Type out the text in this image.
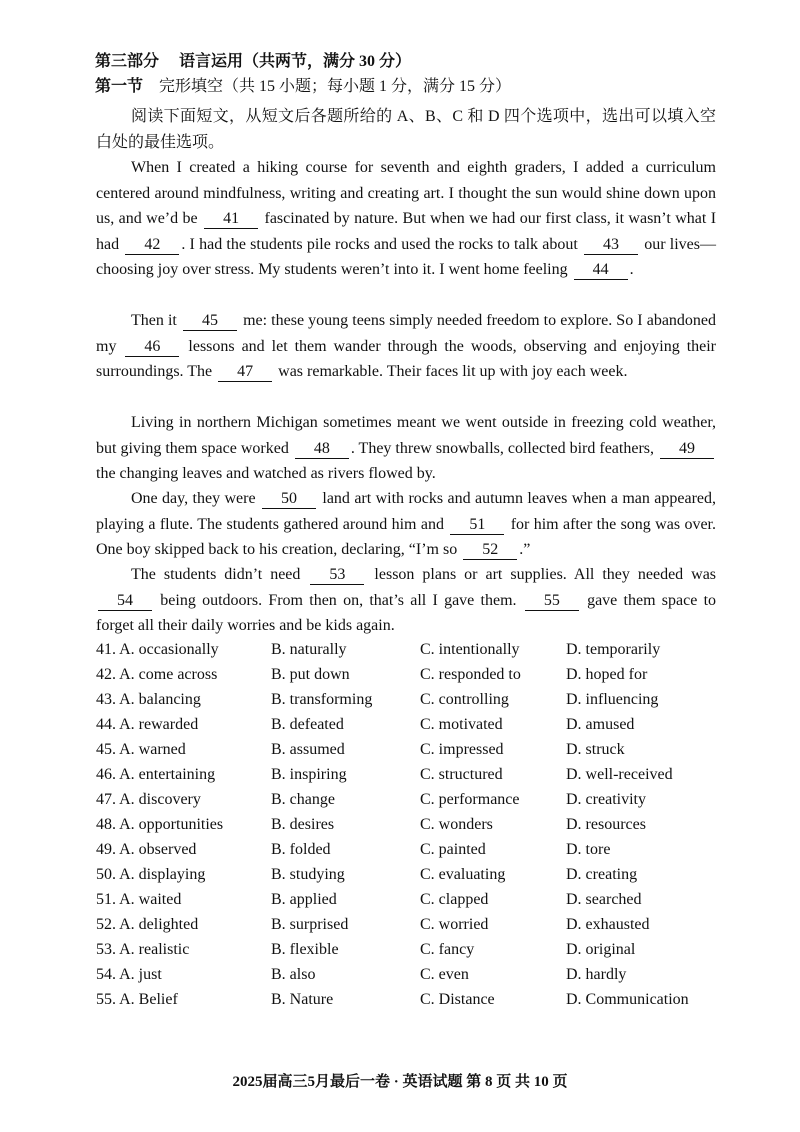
第三部分 语言运用（共两节，满分 30 分）
第一节 完形填空（共 15 小题；每小题 1 分，满分 15 分）
阅读下面短文，从短文后各题所给的 A、B、C 和 D 四个选项中，选出可以填入空白处的最佳选项。
When I created a hiking course for seventh and eighth graders, I added a curriculum centered around mindfulness, writing and creating art. I thought the sun would shine down upon us, and we’d be 41 fascinated by nature. But when we had our first class, it wasn’t what I had 42 . I had the students pile rocks and used the rocks to talk about 43 our lives—choosing joy over stress. My students weren’t into it. I went home feeling 44 .
Then it 45 me: these young teens simply needed freedom to explore. So I abandoned my 46 lessons and let them wander through the woods, observing and enjoying their surroundings. The 47 was remarkable. Their faces lit up with joy each week.
Living in northern Michigan sometimes meant we went outside in freezing cold weather, but giving them space worked 48 . They threw snowballs, collected bird feathers, 49 the changing leaves and watched as rivers flowed by.
One day, they were 50 land art with rocks and autumn leaves when a man appeared, playing a flute. The students gathered around him and 51 for him after the song was over. One boy skipped back to his creation, declaring, “I’m so 52 .”
The students didn’t need 53 lesson plans or art supplies. All they needed was 54 being outdoors. From then on, that’s all I gave them. 55 gave them space to forget all their daily worries and be kids again.
41. A. occasionally	B. naturally	C. intentionally	D. temporarily
42. A. come across	B. put down	C. responded to	D. hoped for
43. A. balancing	B. transforming	C. controlling	D. influencing
44. A. rewarded	B. defeated	C. motivated	D. amused
45. A. warned	B. assumed	C. impressed	D. struck
46. A. entertaining	B. inspiring	C. structured	D. well-received
47. A. discovery	B. change	C. performance	D. creativity
48. A. opportunities	B. desires	C. wonders	D. resources
49. A. observed	B. folded	C. painted	D. tore
50. A. displaying	B. studying	C. evaluating	D. creating
51. A. waited	B. applied	C. clapped	D. searched
52. A. delighted	B. surprised	C. worried	D. exhausted
53. A. realistic	B. flexible	C. fancy	D. original
54. A. just	B. also	C. even	D. hardly
55. A. Belief	B. Nature	C. Distance	D. Communication
2025届高三5月最后一卷 · 英语试题 第 8 页 共 10 页
